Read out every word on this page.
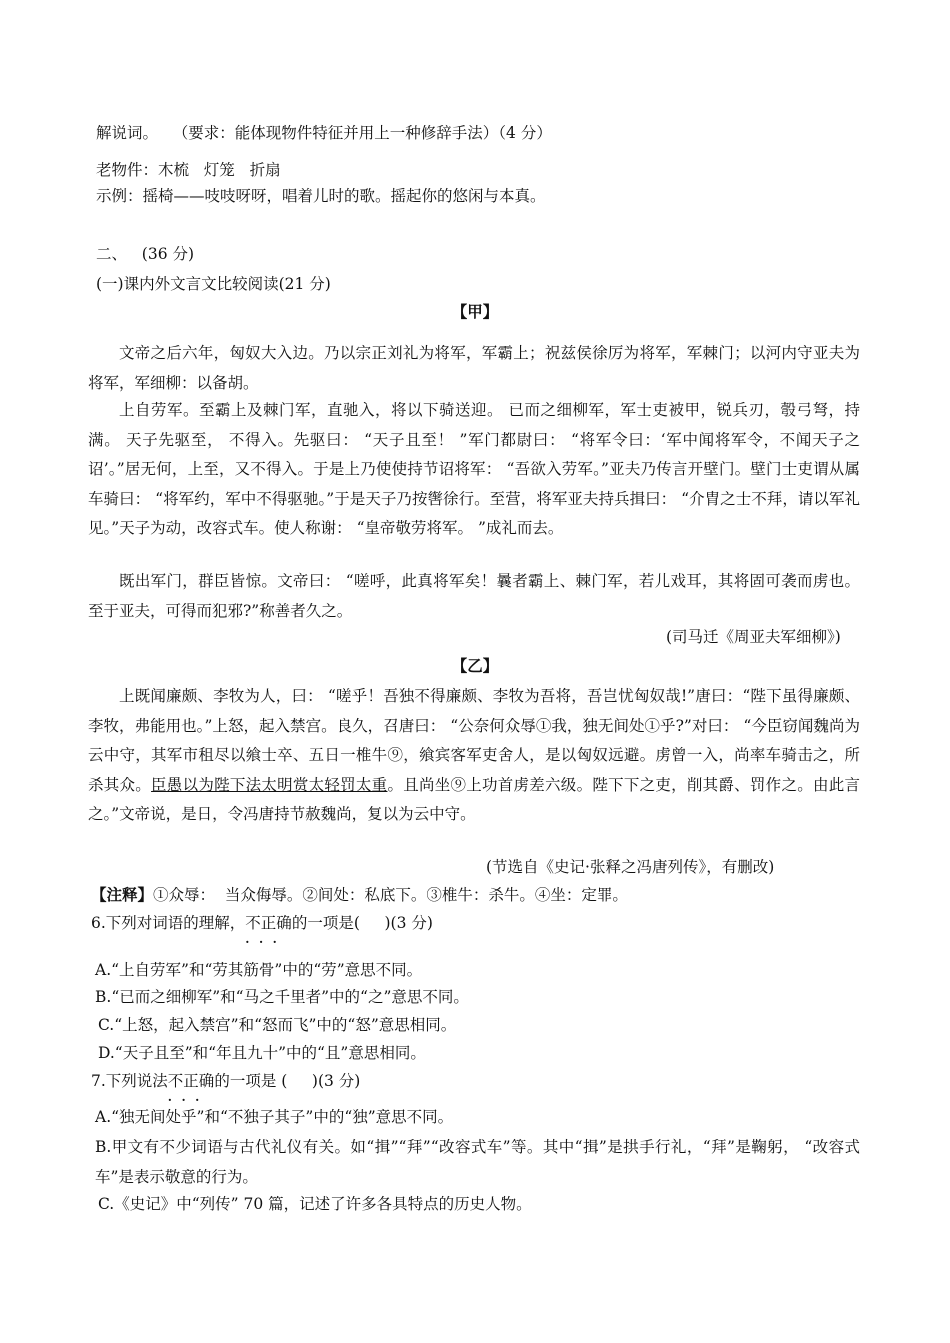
解说词。   （要求：能体现物件特征并用上一种修辞手法）（4 分）
老物件：木梳   灯笼   折扇
示例：摇椅——吱吱呀呀，唱着儿时的歌。摇起你的悠闲与本真。
二、   (36 分)
(一)课内外文言文比较阅读(21 分)
【甲】
文帝之后六年，匈奴大入边。乃以宗正刘礼为将军，军霸上；祝兹侯徐厉为将军，军棘门；以河内守亚夫为将军，军细柳：以备胡。
上自劳军。至霸上及棘门军，直驰入，将以下骑送迎。 已而之细柳军，军士吏被甲，锐兵刃，彀弓弩，持满。 天子先驱至， 不得入。先驱曰： “天子且至！ ”军门都尉曰： “将军令曰：‘军中闻将军令，不闻天子之诏’。”居无何，上至，又不得入。于是上乃使使持节诏将军： “吾欲入劳军。”亚夫乃传言开壁门。壁门士吏谓从属车骑曰： “将军约，军中不得驱驰。”于是天子乃按辔徐行。至营，将军亚夫持兵揖曰： “介胄之士不拜，请以军礼见。”天子为动，改容式车。使人称谢： “皇帝敬劳将军。 ”成礼而去。
既出军门，群臣皆惊。文帝曰： “嗟呼，此真将军矣！曩者霸上、棘门军，若儿戏耳，其将固可袭而虏也。至于亚夫，可得而犯邪?”称善者久之。
(司马迁《周亚夫军细柳》)
【乙】
上既闻廉颇、李牧为人，曰： “嗟乎！吾独不得廉颇、李牧为吾将，吾岂忧匈奴哉!”唐曰：“陛下虽得廉颇、李牧，弗能用也。”上怒，起入禁宫。良久，召唐曰： “公奈何众辱①我，独无间处①乎?”对曰： “今臣窃闻魏尚为云中守，其军市租尽以飨士卒、五日一椎牛⑨，飨宾客军吏舍人，是以匈奴远避。虏曾一入，尚率车骑击之，所杀其众。臣愚以为陛下法太明赏太轻罚太重。且尚坐⑨上功首虏差六级。陛下下之吏，削其爵、罚作之。由此言之。”文帝说，是日，令冯唐持节赦魏尚，复以为云中守。
(节选自《史记·张释之冯唐列传》，有删改)
【注释】①众辱：  当众侮辱。②间处：私底下。③椎牛：杀牛。④坐：定罪。
6.下列对词语的理解，不正确
···
的一项是(     )(3 分)
A.“上自劳军”和“劳其筋骨”中的“劳”意思不同。
B.“已而之细柳军”和“马之千里者”中的“之”意思不同。
C.“上怒，起入禁宫”和“怒而飞”中的“怒”意思相同。
D.“天子且至”和“年且九十”中的“且”意思相同。
7.下列说法不正确
···
的一项是 (     )(3 分)
A.“独无间处乎”和“不独子其子”中的“独”意思不同。
B.甲文有不少词语与古代礼仪有关。如“揖”“拜”“改容式车”等。其中“揖”是拱手行礼，“拜”是鞠躬， “改容式车”是表示敬意的行为。
C.《史记》中“列传” 70 篇，记述了许多各具特点的历史人物。
